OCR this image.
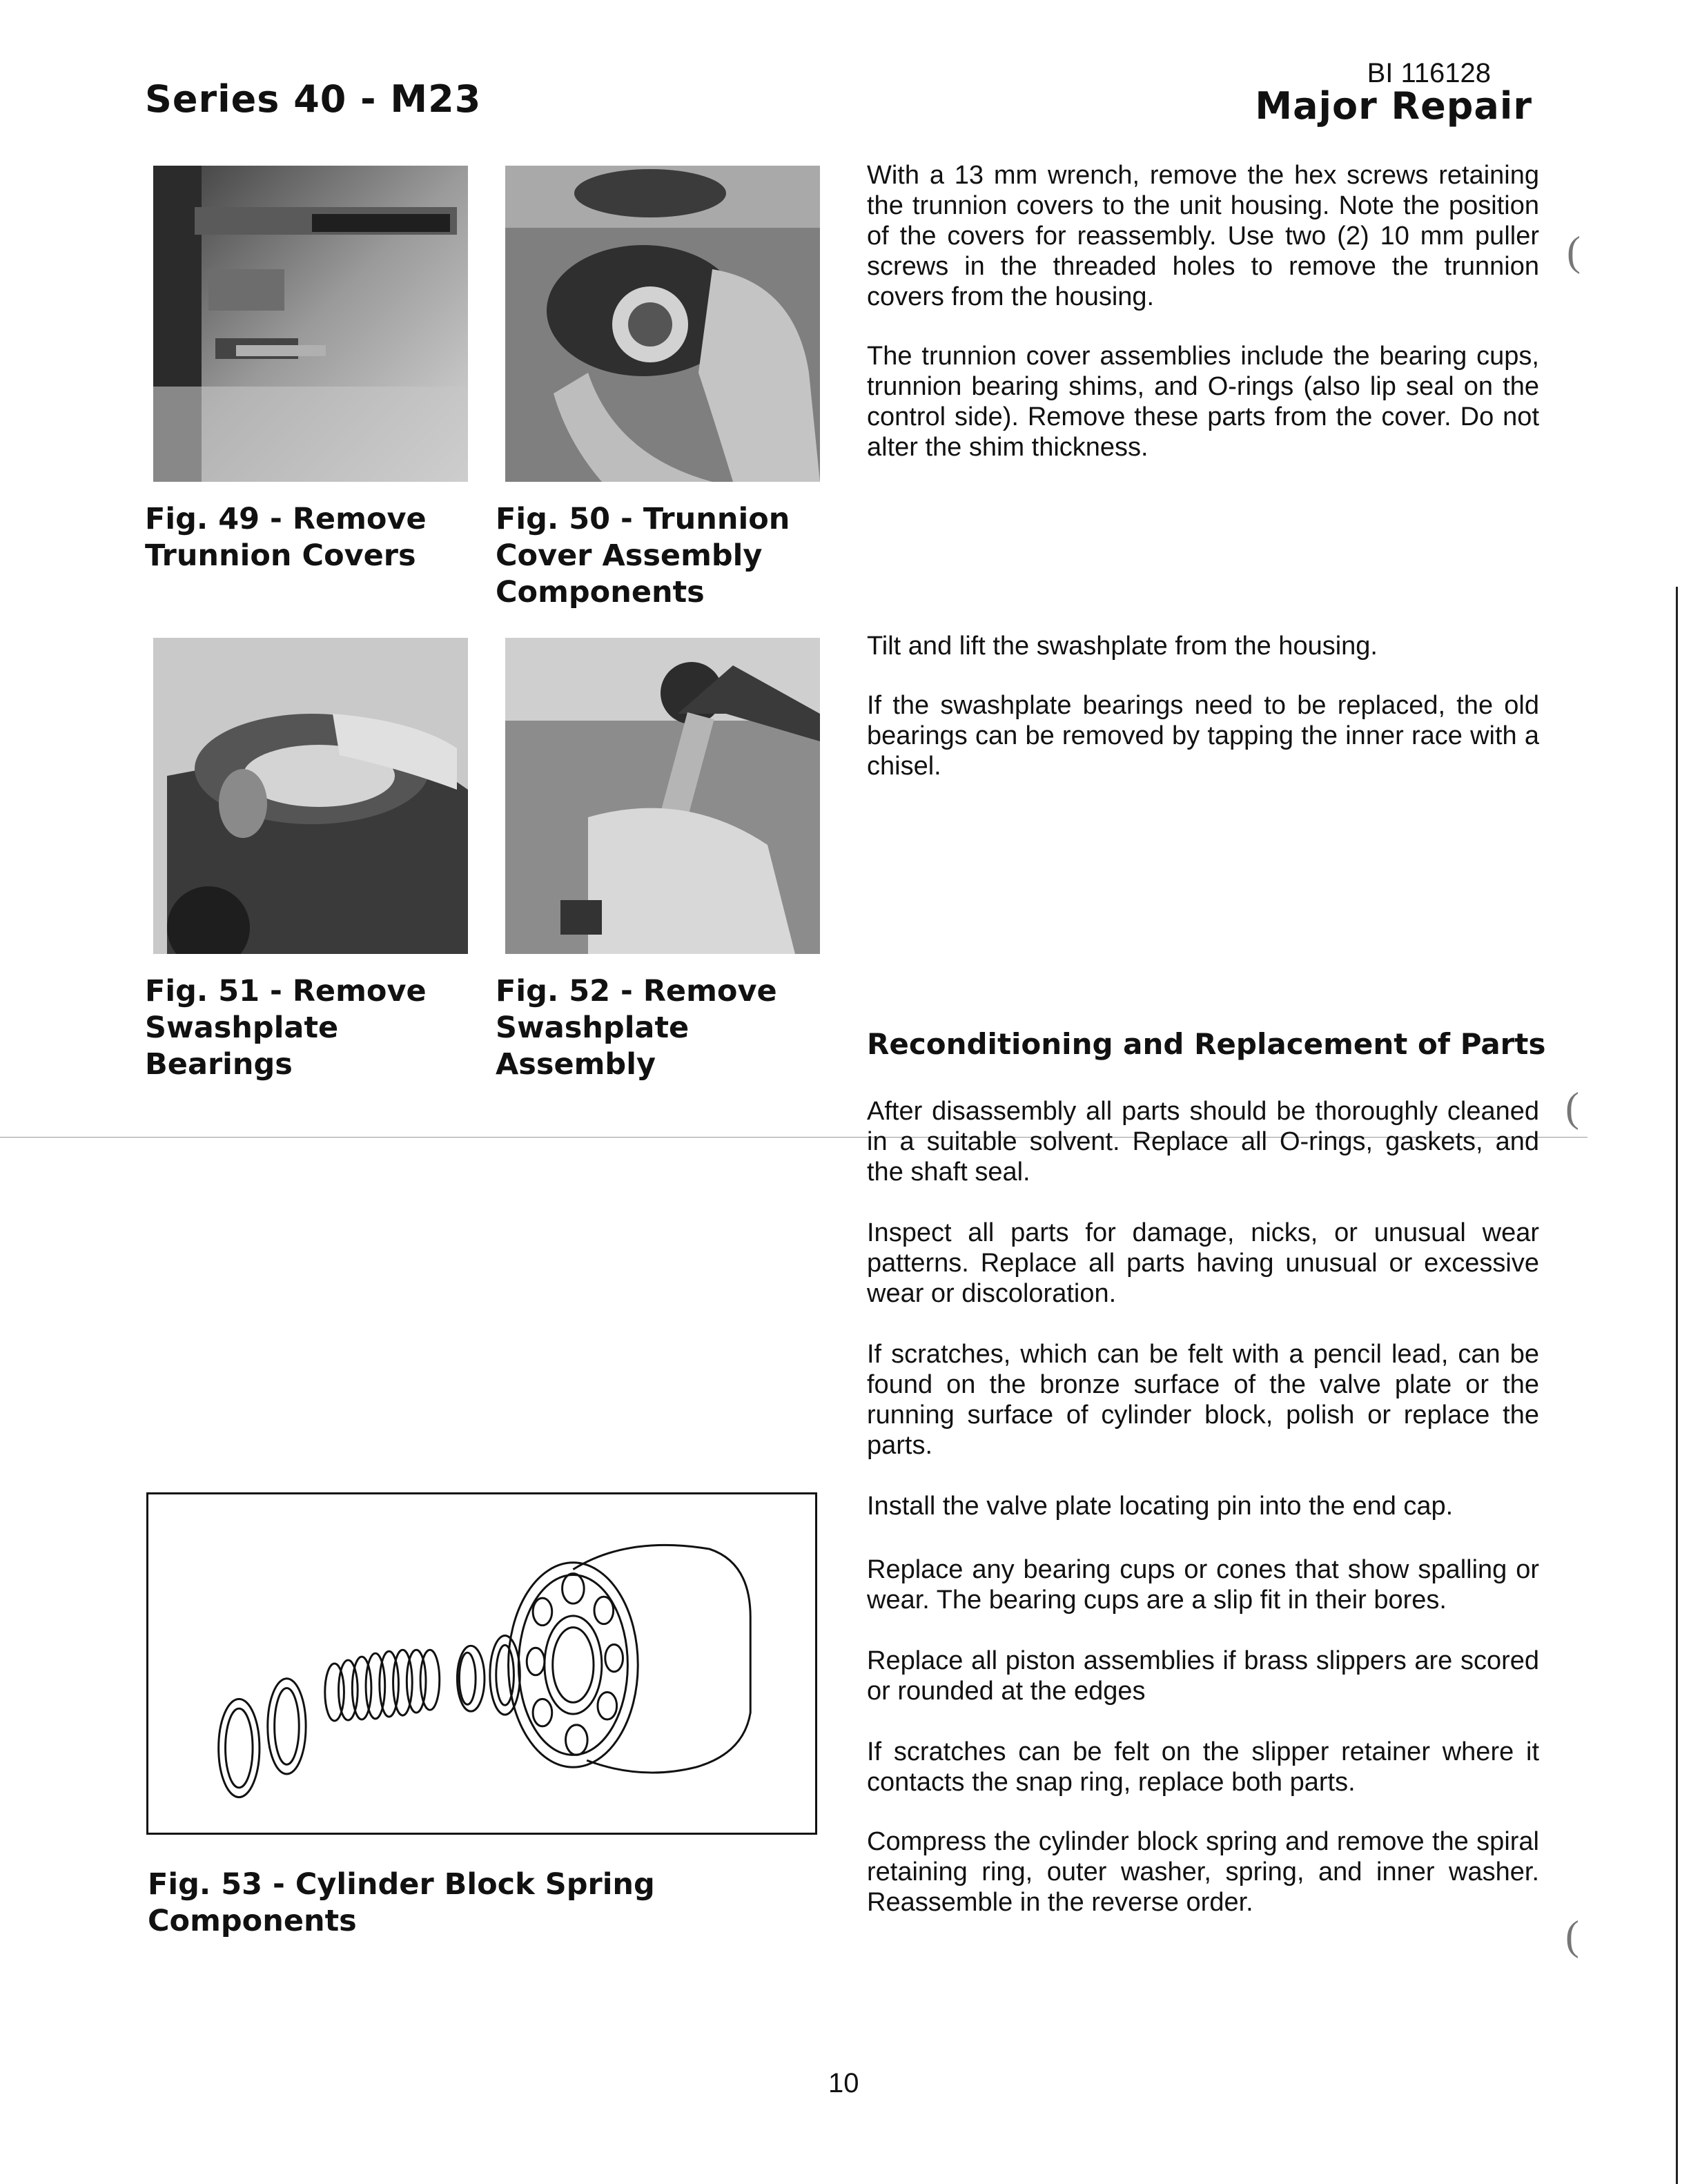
Series 40 - M23
BI 116128
Major Repair
Fig. 49 - Remove
Trunnion Covers
Fig. 50 - Trunnion
Cover Assembly
Components
With a 13 mm wrench, remove the hex screws retaining the trunnion covers to the unit housing. Note the position of the covers for reassembly. Use two (2) 10 mm puller screws in the threaded holes to remove the trunnion covers from the housing.
The trunnion cover assemblies include the bearing cups, trunnion bearing shims, and O-rings (also lip seal on the control side). Remove these parts from the cover. Do not alter the shim thickness.
Tilt and lift the swashplate from the housing.
If the swashplate bearings need to be replaced, the old bearings can be removed by tapping the inner race with a chisel.
Fig. 51 - Remove
Swashplate
Bearings
Fig. 52 - Remove
Swashplate
Assembly
Reconditioning and Replacement of Parts
After disassembly all parts should be thoroughly cleaned in a suitable solvent. Replace all O-rings, gaskets, and the shaft seal.
Inspect all parts for damage, nicks, or unusual wear patterns. Replace all parts having unusual or excessive wear or discoloration.
If scratches, which can be felt with a pencil lead, can be found on the bronze surface of the valve plate or the running surface of cylinder block, polish or replace the parts.
Install the valve plate locating pin into the end cap.
Replace any bearing cups or cones that show spalling or wear. The bearing cups are a slip fit in their bores.
Replace all piston assemblies if brass slippers are scored or rounded at the edges
If scratches can be felt on the slipper retainer where it contacts the snap ring, replace both parts.
Compress the cylinder block spring and remove the spiral retaining ring, outer washer, spring, and inner washer. Reassemble in the reverse order.
Fig. 53 - Cylinder Block Spring
Components
10
(
(
(
